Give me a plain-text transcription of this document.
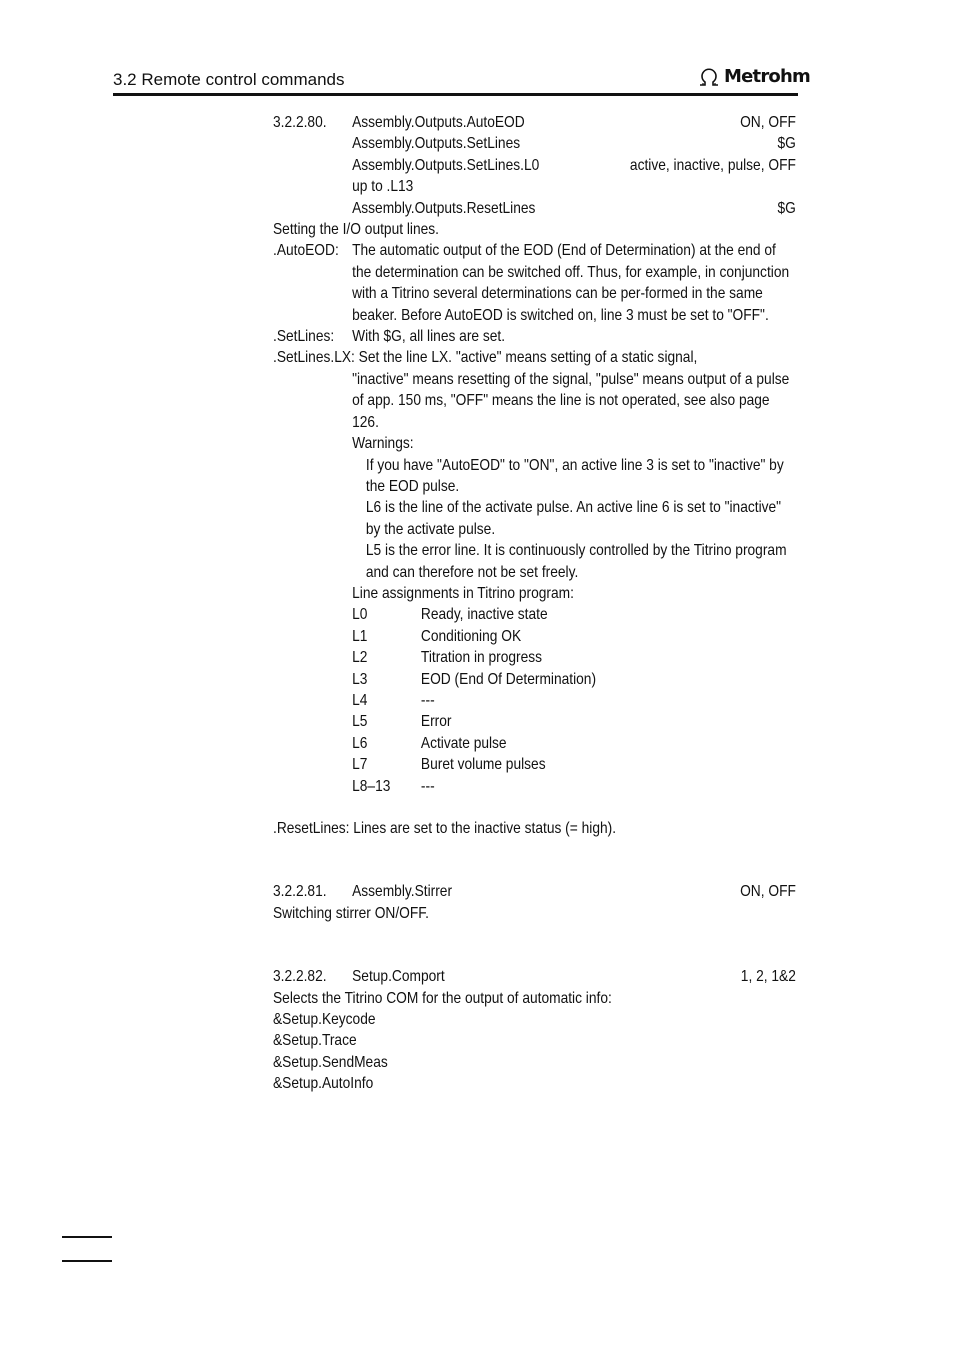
3.2 Remote control commands	Metrohm
3.2.2.80.	Assembly.Outputs.AutoEOD	ON, OFF
Assembly.Outputs.SetLines	$G
Assembly.Outputs.SetLines.L0	active, inactive, pulse, OFF
up to .L13
Assembly.Outputs.ResetLines	$G
Setting the I/O output lines.
.AutoEOD: The automatic output of the EOD (End of Determination) at the end of the determination can be switched off. Thus, for example, in conjunction with a Titrino several determinations can be per-formed in the same beaker. Before AutoEOD is switched on, line 3 must be set to "OFF".
.SetLines:	With $G, all lines are set.
.SetLines.LX: Set the line LX. "active" means setting of a static signal,
"inactive" means resetting of the signal, "pulse" means output of a pulse of app. 150 ms, "OFF" means the line is not operated, see also page 126.
Warnings:
If you have "AutoEOD" to "ON", an active line 3 is set to "inactive" by the EOD pulse.
L6 is the line of the activate pulse. An active line 6 is set to "inactive" by the activate pulse.
L5 is the error line. It is continuously controlled by the Titrino program and can therefore not be set freely.
Line assignments in Titrino program:
L0	Ready, inactive state
L1	Conditioning OK
L2	Titration in progress
L3	EOD (End Of Determination)
L4	---
L5	Error
L6	Activate pulse
L7	Buret volume pulses
L8–13	---
.ResetLines: Lines are set to the inactive status (= high).
3.2.2.81.	Assembly.Stirrer	ON, OFF
Switching stirrer ON/OFF.
3.2.2.82.	Setup.Comport	1, 2, 1&2
Selects the Titrino COM for the output of automatic info:
&Setup.Keycode
&Setup.Trace
&Setup.SendMeas
&Setup.AutoInfo
